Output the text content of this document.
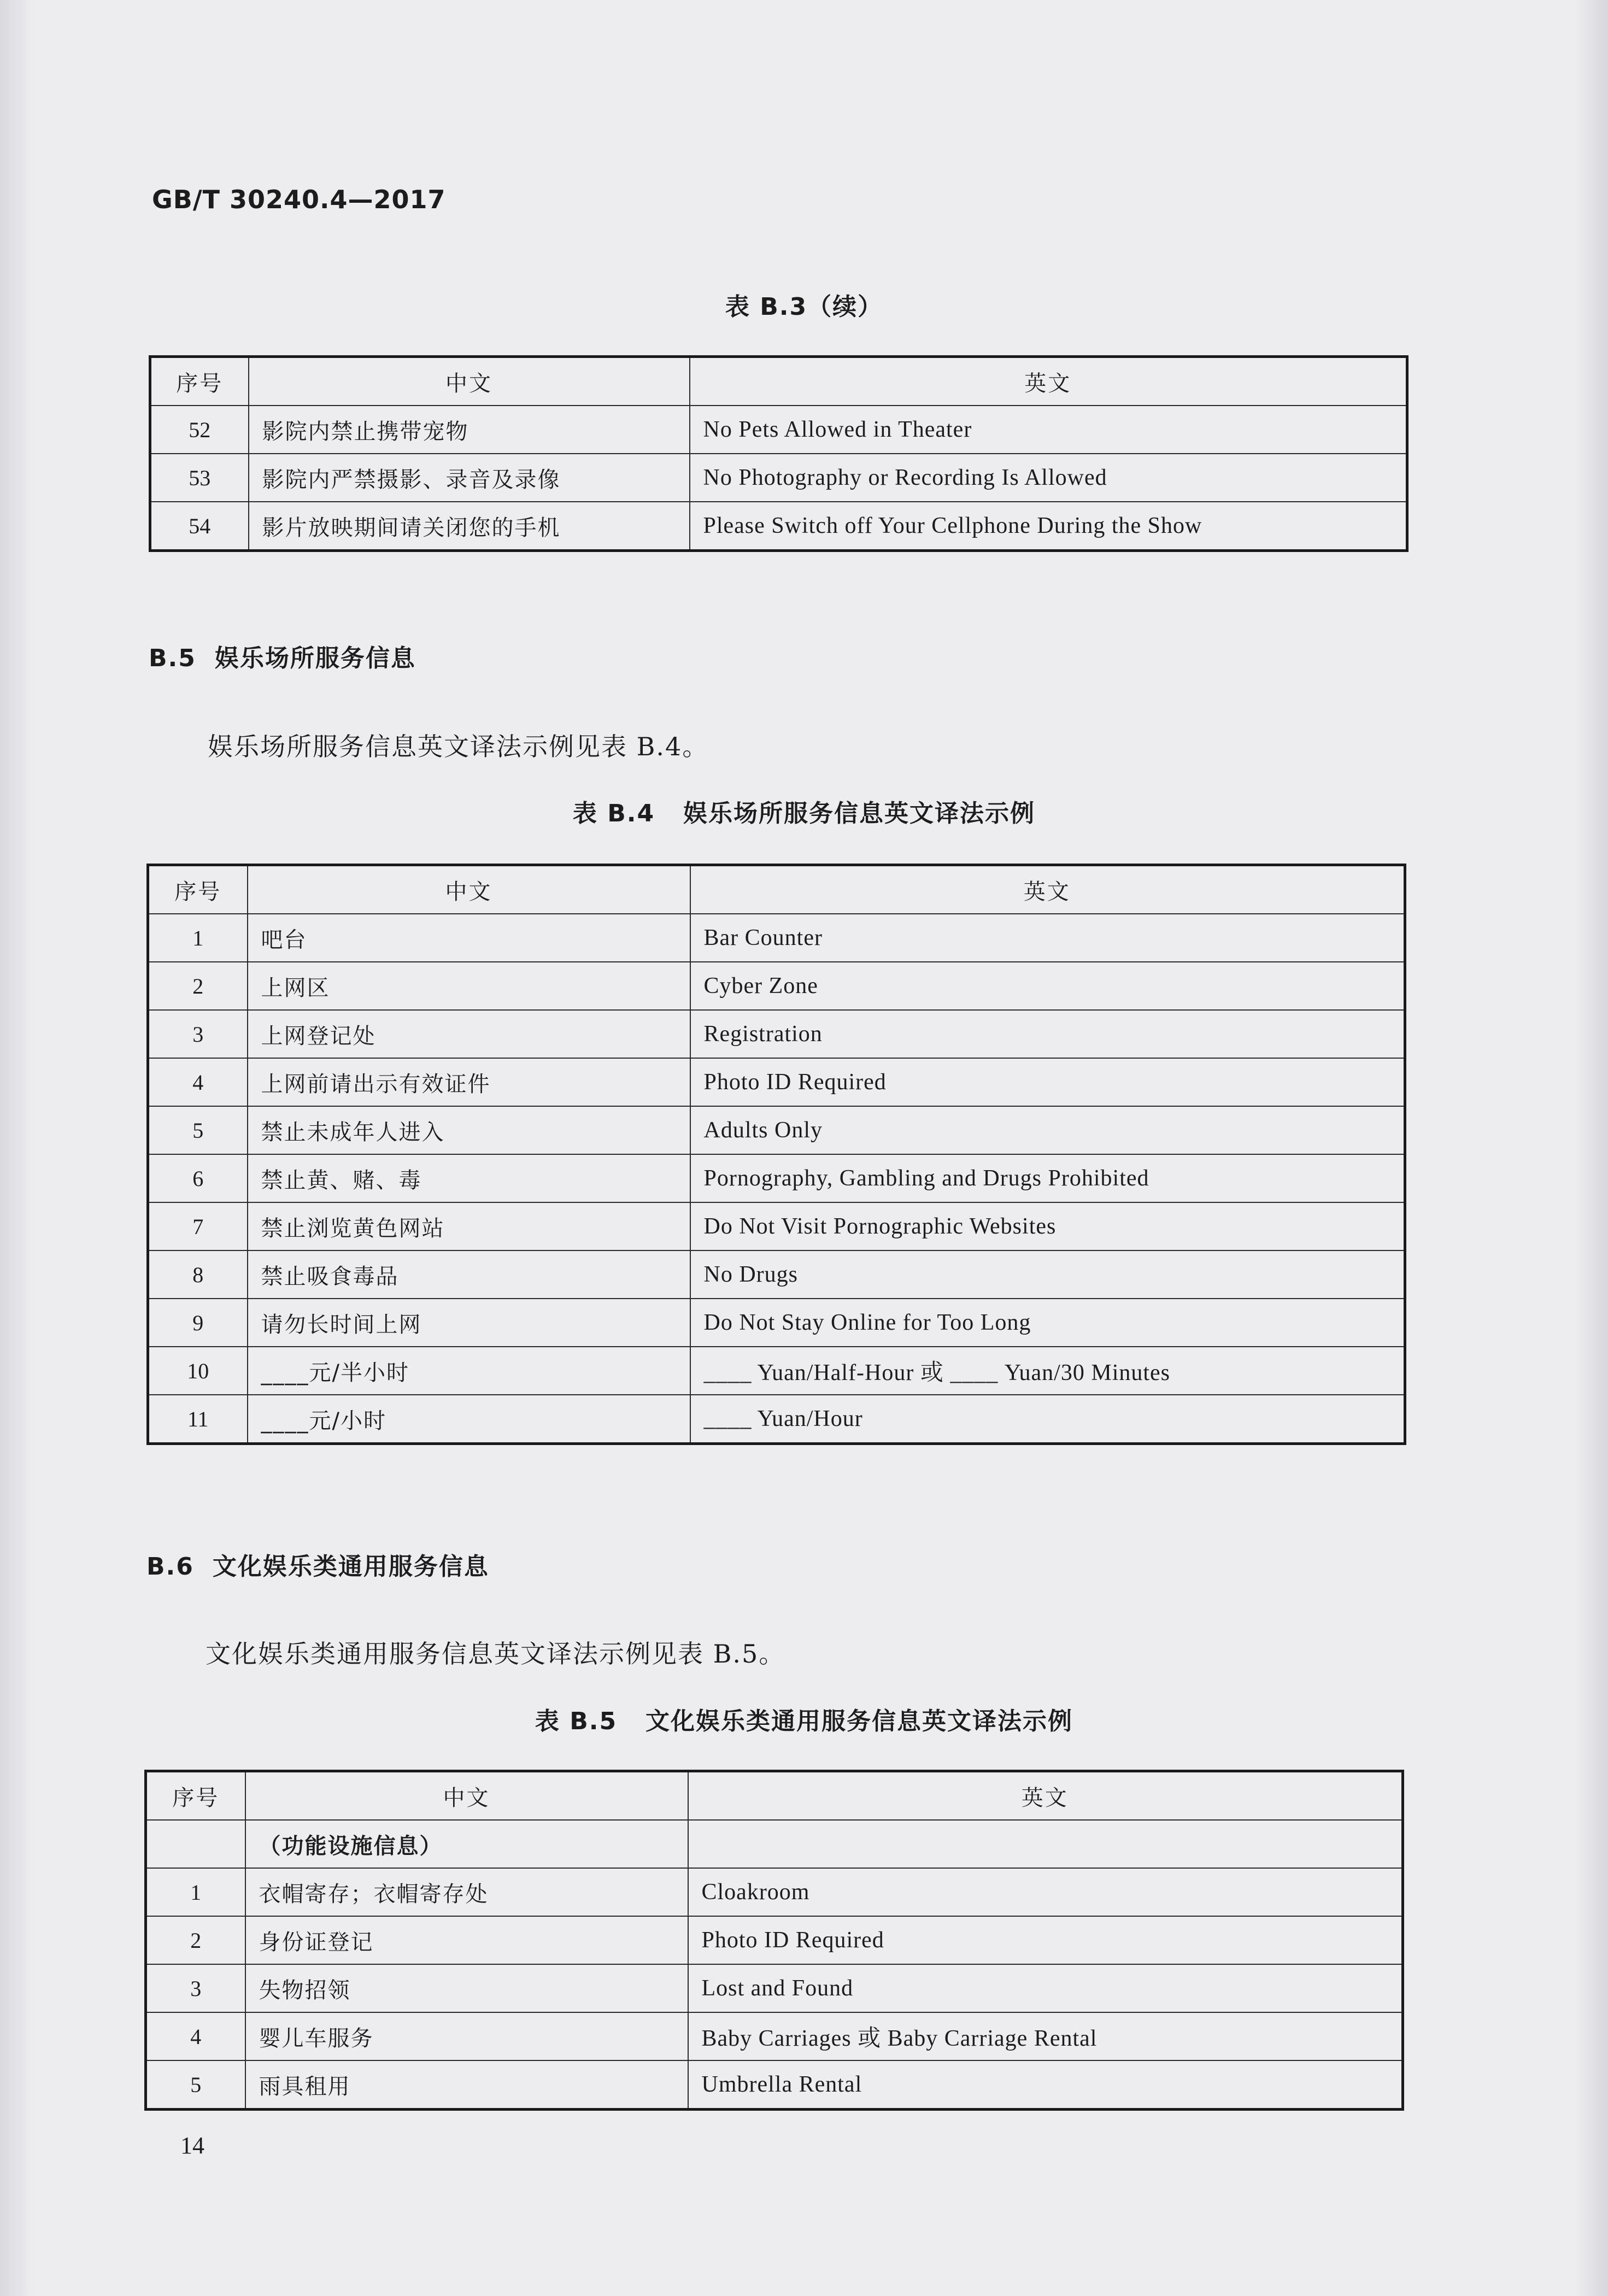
GB/T 30240.4—2017
表 B.3（续）
序号	中文	英文
52	影院内禁止携带宠物	No Pets Allowed in Theater
53	影院内严禁摄影、录音及录像	No Photography or Recording Is Allowed
54	影片放映期间请关闭您的手机	Please Switch off Your Cellphone During the Show
B.5 娱乐场所服务信息
娱乐场所服务信息英文译法示例见表 B.4。
表 B.4   娱乐场所服务信息英文译法示例
序号	中文	英文
1	吧台	Bar Counter
2	上网区	Cyber Zone
3	上网登记处	Registration
4	上网前请出示有效证件	Photo ID Required
5	禁止未成年人进入	Adults Only
6	禁止黄、赌、毒	Pornography, Gambling and Drugs Prohibited
7	禁止浏览黄色网站	Do Not Visit Pornographic Websites
8	禁止吸食毒品	No Drugs
9	请勿长时间上网	Do Not Stay Online for Too Long
10	____元/半小时	____ Yuan/Half-Hour 或 ____ Yuan/30 Minutes
11	____元/小时	____ Yuan/Hour
B.6 文化娱乐类通用服务信息
文化娱乐类通用服务信息英文译法示例见表 B.5。
表 B.5   文化娱乐类通用服务信息英文译法示例
序号	中文	英文
	（功能设施信息）	
1	衣帽寄存；衣帽寄存处	Cloakroom
2	身份证登记	Photo ID Required
3	失物招领	Lost and Found
4	婴儿车服务	Baby Carriages 或 Baby Carriage Rental
5	雨具租用	Umbrella Rental
14
